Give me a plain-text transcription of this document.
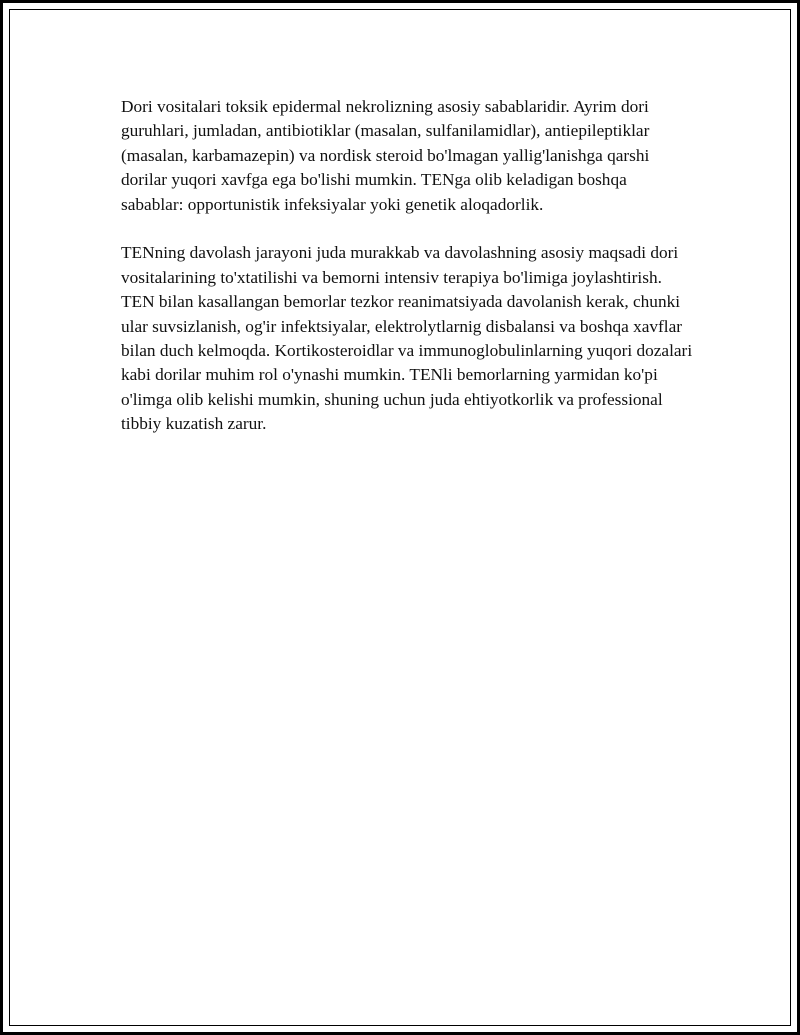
Dori vositalari toksik epidermal nekrolizning asosiy sabablaridir. Ayrim dori guruhlari, jumladan, antibiotiklar (masalan, sulfanilamidlar), antiepileptiklar (masalan, karbamazepin) va nordisk steroid bo'lmagan yallig'lanishga qarshi dorilar yuqori xavfga ega bo'lishi mumkin. TENga olib keladigan boshqa sabablar: opportunistik infeksiyalar yoki genetik aloqadorlik.

TENning davolash jarayoni juda murakkab va davolashning asosiy maqsadi dori vositalarining to'xtatilishi va bemorni intensiv terapiya bo'limiga joylashtirish. TEN bilan kasallangan bemorlar tezkor reanimatsiyada davolanish kerak, chunki ular suvsizlanish, og'ir infektsiyalar, elektrolytlarnig disbalansi va boshqa xavflar bilan duch kelmoqda. Kortikosteroidlar va immunoglobulinlarning yuqori dozalari kabi dorilar muhim rol o'ynashi mumkin. TENli bemorlarning yarmidan ko'pi o'limga olib kelishi mumkin, shuning uchun juda ehtiyotkorlik va professional tibbiy kuzatish zarur.
